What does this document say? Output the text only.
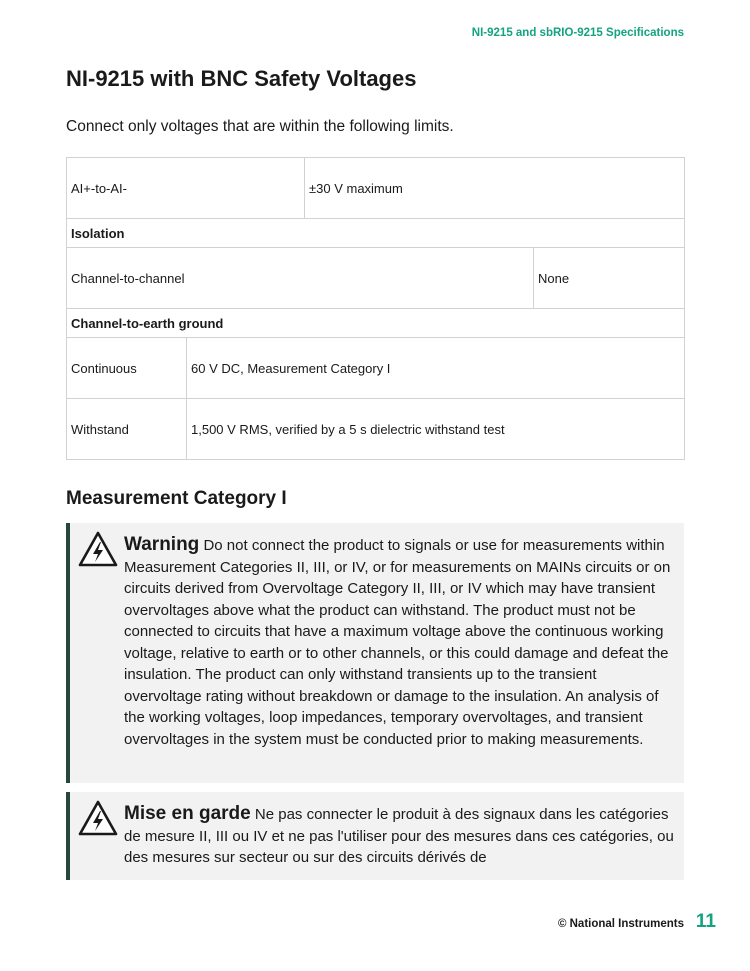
NI-9215 and sbRIO-9215 Specifications
NI-9215 with BNC Safety Voltages

Connect only voltages that are within the following limits.

AI+-to-AI-		±30 V maximum	
Isolation			
Channel-to-channel			None
Channel-to-earth ground			
Continuous	60 V DC, Measurement Category I		
Withstand	1,500 V RMS, verified by a 5 s dielectric withstand test		
Measurement Category I

Warning Do not connect the product to signals or use for measurements within Measurement Categories II, III, or IV, or for measurements on MAINs circuits or on circuits derived from Overvoltage Category II, III, or IV which may have transient overvoltages above what the product can withstand. The product must not be connected to circuits that have a maximum voltage above the continuous working voltage, relative to earth or to other channels, or this could damage and defeat the insulation. The product can only withstand transients up to the transient overvoltage rating without breakdown or damage to the insulation. An analysis of the working voltages, loop impedances, temporary overvoltages, and transient overvoltages in the system must be conducted prior to making measurements.

Mise en garde Ne pas connecter le produit à des signaux dans les catégories de mesure II, III ou IV et ne pas l'utiliser pour des mesures dans ces catégories, ou des mesures sur secteur ou sur des circuits dérivés de

© National Instruments 11
